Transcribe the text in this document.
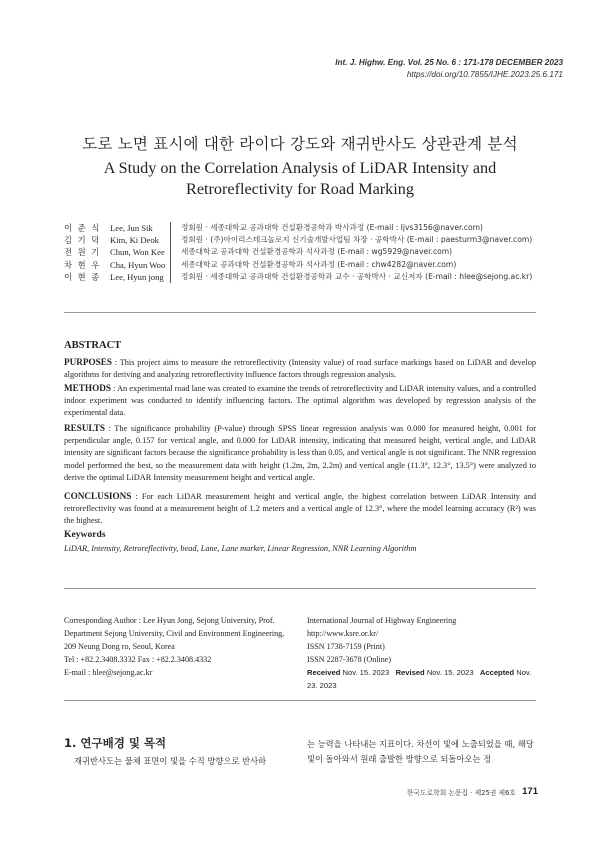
Int. J. Highw. Eng. Vol. 25 No. 6 : 171-178 DECEMBER 2023
https://doi.org/10.7855/IJHE.2023.25.6.171
도로 노면 표시에 대한 라이다 강도와 재귀반사도 상관관계 분석
A Study on the Correlation Analysis of LiDAR Intensity and Retroreflectivity for Road Marking
이 준 식	Lee, Jun Sik		정회원 · 세종대학교 공과대학 건설환경공학과 박사과정 (E-mail : ljvs3156@naver.com)
김 기 덕	Kim, Ki Deok		정회원 · (주)아이리스테크놀로지 신기술개발사업팀 차장 · 공학박사 (E-mail : paesturm3@naver.com)
전 원 기	Chun, Won Kee		세종대학교 공과대학 건설환경공학과 석사과정 (E-mail : wg5929@naver.com)
차 현 우	Cha, Hyun Woo		세종대학교 공과대학 건설환경공학과 석사과정 (E-mail : chw4282@naver.com)
이 현 종	Lee, Hyun jong		정회원 · 세종대학교 공과대학 건설환경공학과 교수 · 공학박사 · 교신저자 (E-mail : hlee@sejong.ac.kr)
ABSTRACT
PURPOSES : This project aims to measure the retroreflectivity (Intensity value) of road surface markings based on LiDAR and develop algorithms for deriving and analyzing retroreflectivity influence factors through regression analysis.
METHODS : An experimental road lane was created to examine the trends of retroreflectivity and LiDAR intensity values, and a controlled indoor experiment was conducted to identify influencing factors. The optimal algorithm was developed by regression analysis of the experimental data.
RESULTS : The significance probability (P-value) through SPSS linear regression analysis was 0.000 for measured height, 0.001 for perpendicular angle, 0.157 for vertical angle, and 0.000 for LiDAR intensity, indicating that measured height, vertical angle, and LiDAR intensity are significant factors because the significance probability is less than 0.05, and vertical angle is not significant. The NNR regression model performed the best, so the measurement data with height (1.2m, 2m, 2.2m) and vertical angle (11.3°, 12.3°, 13.5°) were analyzed to derive the optimal LiDAR Intensity measurement height and vertical angle.
CONCLUSIONS : For each LiDAR measurement height and vertical angle, the highest correlation between LiDAR Intensity and retroreflectivity was found at a measurement height of 1.2 meters and a vertical angle of 12.3°, where the model learning accuracy (R²) was the highest.
Keywords
LiDAR, Intensity, Retroreflectivity, bead, Lane, Lane marker, Linear Regression, NNR Learning Algorithm
Corresponding Author : Lee Hyun Jong, Sejong University, Prof.
Department Sejong University, Civil and Environment Engineering,
209 Neung Dong ro, Seoul, Korea
Tel : +82.2.3408.3332 Fax : +82.2.3408.4332
E-mail : hlee@sejong.ac.kr
International Journal of Highway Engineering
http://www.ksre.or.kr/
ISSN 1738-7159 (Print)
ISSN 2287-3678 (Online)
Received Nov. 15. 2023 Revised Nov. 15. 2023 Accepted Nov. 23. 2023
1. 연구배경 및 목적
재귀반사도는 물체 표면이 빛을 수직 방향으로 반사하
는 능력을 나타내는 지표이다. 차선이 빛에 노출되었을 때, 해당 빛이 돌아와서 원래 출발한 방향으로 되돌아오는 정
한국도로학회 논문집 · 제25권 제6호 171
